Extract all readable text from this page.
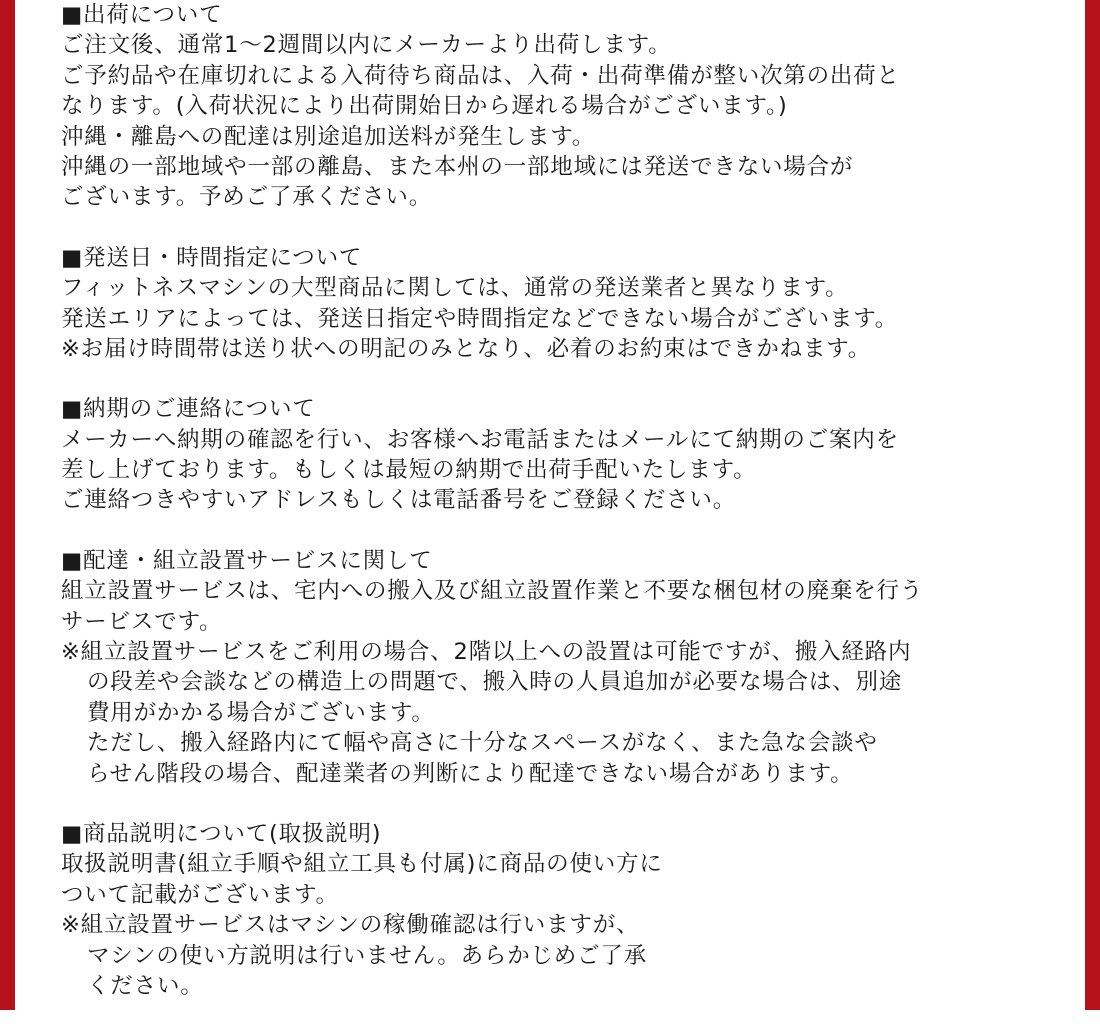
■出荷について
ご注文後、通常1～2週間以内にメーカーより出荷します。
ご予約品や在庫切れによる入荷待ち商品は、入荷・出荷準備が整い次第の出荷と
なります。(入荷状況により出荷開始日から遅れる場合がございます。)
沖縄・離島への配達は別途追加送料が発生します。
沖縄の一部地域や一部の離島、また本州の一部地域には発送できない場合が
ございます。予めご了承ください。
■発送日・時間指定について
フィットネスマシンの大型商品に関しては、通常の発送業者と異なります。
発送エリアによっては、発送日指定や時間指定などできない場合がございます。
※お届け時間帯は送り状への明記のみとなり、必着のお約束はできかねます。
■納期のご連絡について
メーカーへ納期の確認を行い、お客様へお電話またはメールにて納期のご案内を
差し上げております。もしくは最短の納期で出荷手配いたします。
ご連絡つきやすいアドレスもしくは電話番号をご登録ください。
■配達・組立設置サービスに関して
組立設置サービスは、宅内への搬入及び組立設置作業と不要な梱包材の廃棄を行う
サービスです。
※組立設置サービスをご利用の場合、2階以上への設置は可能ですが、搬入経路内
の段差や会談などの構造上の問題で、搬入時の人員追加が必要な場合は、別途
費用がかかる場合がございます。
ただし、搬入経路内にて幅や高さに十分なスペースがなく、また急な会談や
らせん階段の場合、配達業者の判断により配達できない場合があります。
■商品説明について(取扱説明)
取扱説明書(組立手順や組立工具も付属)に商品の使い方に
ついて記載がございます。
※組立設置サービスはマシンの稼働確認は行いますが、
マシンの使い方説明は行いません。あらかじめご了承
ください。
